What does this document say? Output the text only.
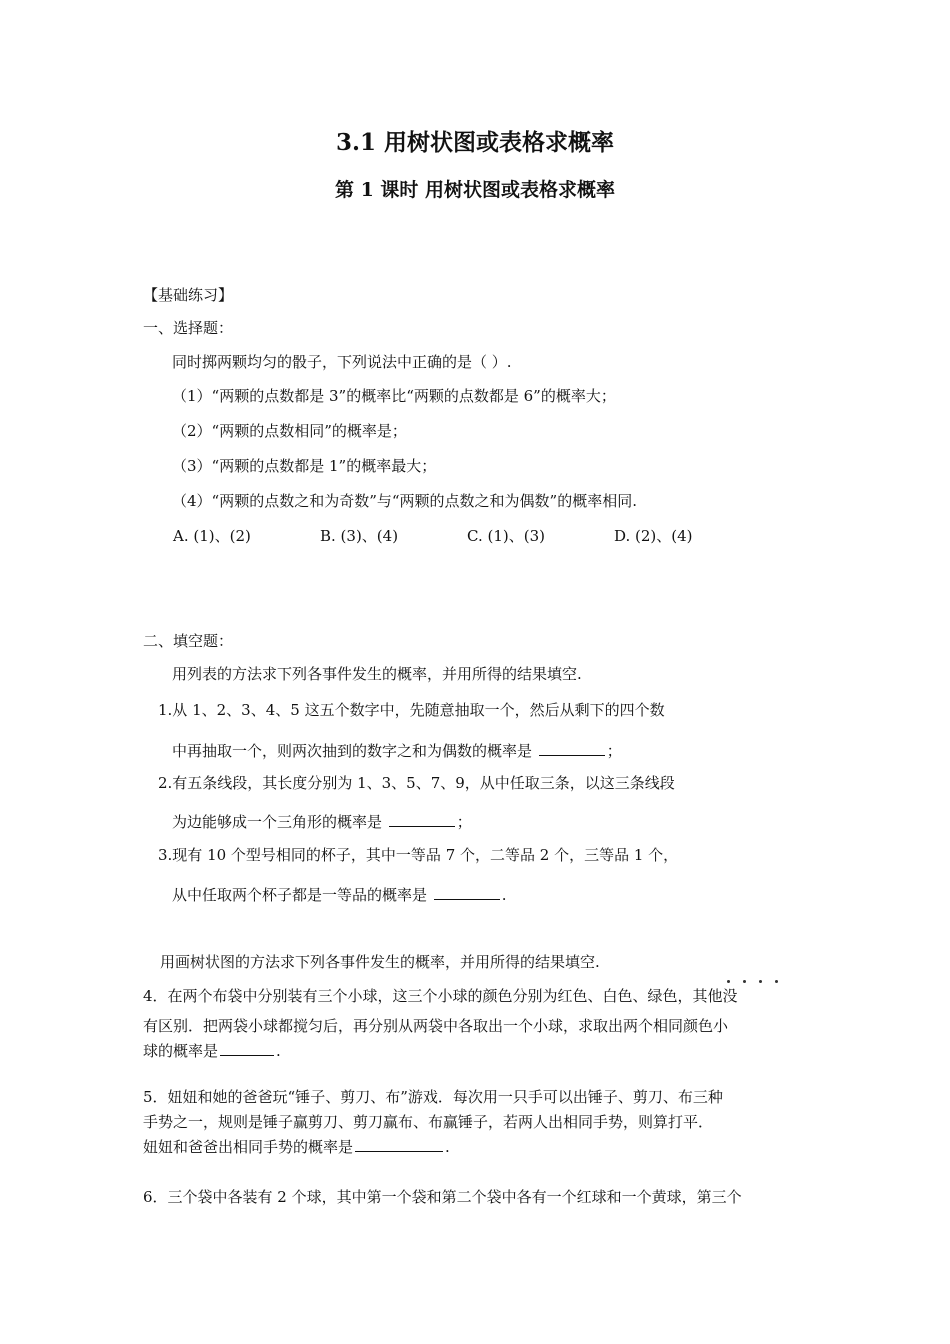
3.1 用树状图或表格求概率
第 1 课时 用树状图或表格求概率
【基础练习】
一、选择题：
同时掷两颗均匀的骰子，下列说法中正确的是（ ）.
（1）“两颗的点数都是 3”的概率比“两颗的点数都是 6”的概率大；
（2）“两颗的点数相同”的概率是；
（3）“两颗的点数都是 1”的概率最大；
（4）“两颗的点数之和为奇数”与“两颗的点数之和为偶数”的概率相同.
A. (1)、(2)	B. (3)、(4)	C. (1)、(3)	D. (2)、(4)
二、填空题：
用列表的方法求下列各事件发生的概率，并用所得的结果填空.
1.从 1、2、3、4、5 这五个数字中，先随意抽取一个，然后从剩下的四个数
中再抽取一个，则两次抽到的数字之和为偶数的概率是	；
2.有五条线段，其长度分别为 1、3、5、7、9，从中任取三条，以这三条线段
为边能够成一个三角形的概率是	；
3.现有 10 个型号相同的杯子，其中一等品 7 个，二等品 2 个，三等品 1 个，
从中任取两个杯子都是一等品的概率是	.
用画树状图的方法求下列各事件发生的概率，并用所得的结果填空.
4．在两个布袋中分别装有三个小球，这三个小球的颜色分别为红色、白色、绿色，其他没
有区别．把两袋小球都搅匀后，再分别从两袋中各取出一个小球，求取出两个相同颜色小
球的概率是	.
5．妞妞和她的爸爸玩“锤子、剪刀、布”游戏．每次用一只手可以出锤子、剪刀、布三种
手势之一，规则是锤子赢剪刀、剪刀赢布、布赢锤子，若两人出相同手势，则算打平．
妞妞和爸爸出相同手势的概率是	.
6．三个袋中各装有 2 个球，其中第一个袋和第二个袋中各有一个红球和一个黄球，第三个
